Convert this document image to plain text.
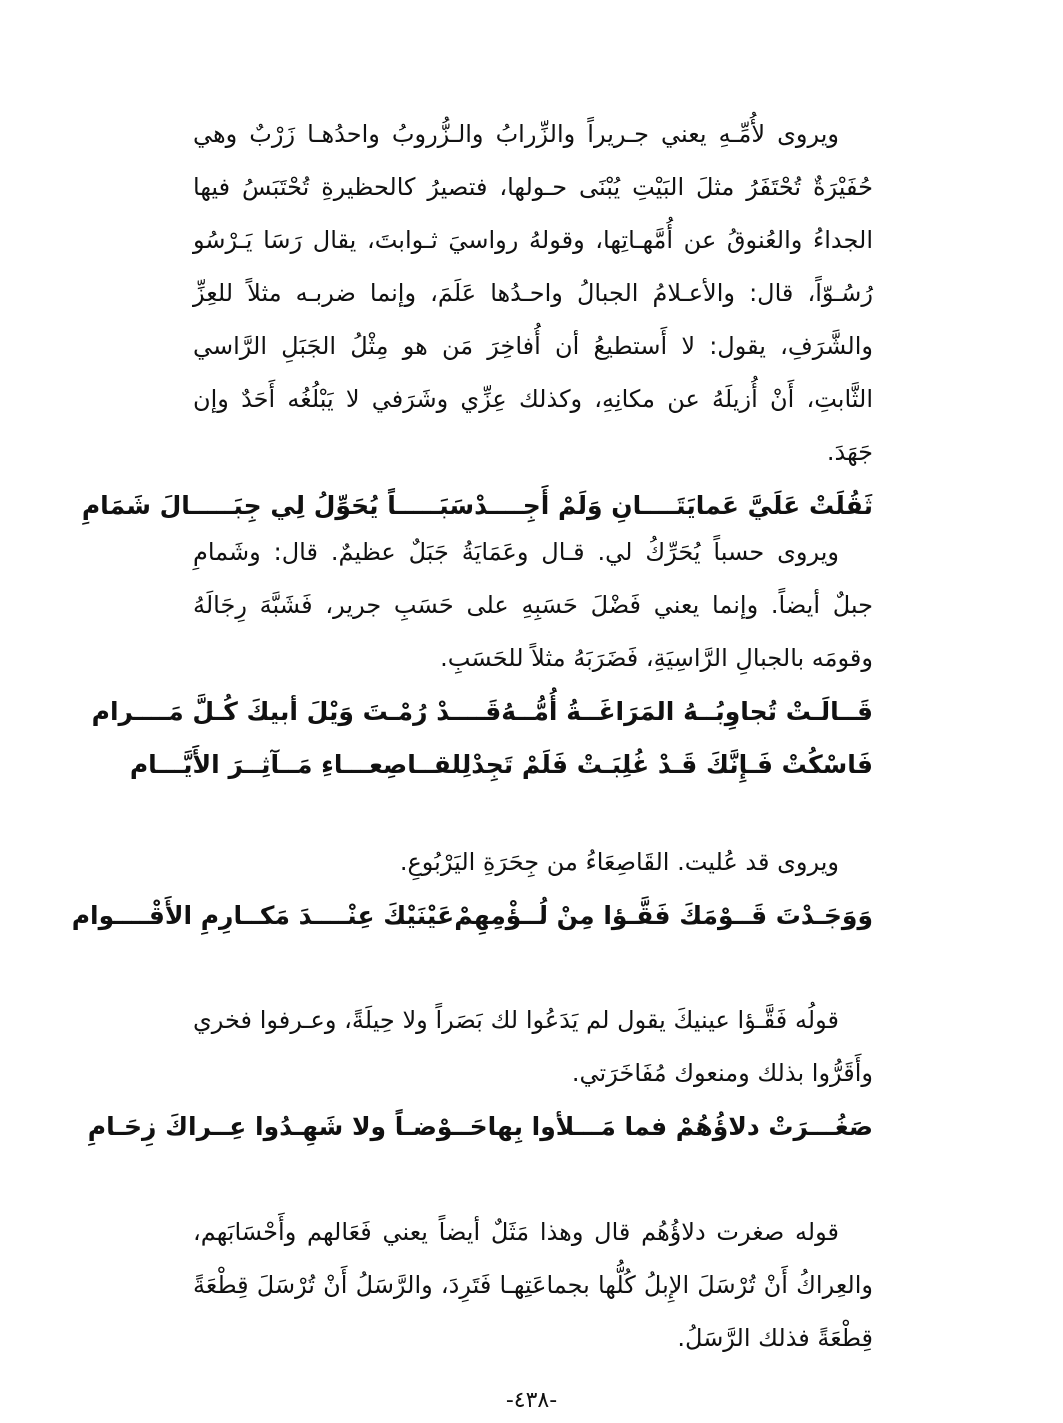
ويروى لأُمِّـهِ يعني جـريراً والزِّرابُ والـزُّروبُ واحدُهـا زَرْبٌ وهي حُفَيْرَةٌ تُحْتَفَرُ مثلَ البَيْتِ يُبْنَى حـولها، فتصيرُ كالحظيرةِ تُحْتَبَسُ فيها الجداءُ والعُنوقُ عن أُمَّهـاتِها، وقولهُ رواسيَ ثـوابتَ، يقال رَسَا يَـرْسُو رُسُـوّاً، قال: والأعـلامُ الجبالُ واحـدُها عَلَمَ، وإنما ضربـه مثلاً للعِزِّ والشَّرَفِ، يقول: لا أَستطيعُ أن أُفاخِرَ مَن هو مِثْلُ الجَبَلِ الرَّاسي الثَّابتِ، أَنْ أُزيلَهُ عن مكانِهِ، وكذلك عِزِّي وشَرَفي لا يَبْلُغُه أَحَدٌ وإن جَهَدَ.

ثَقُلَتْ عَلَيَّ عَمايَتَــــانِ وَلَمْ أَجِــــدْ
سَبَـــــاً يُحَوِّلُ لِي جِبَـــــالَ شَمَامِ

ويروى حسباً يُحَرِّكُ لي. قـال وعَمَايَةُ جَبَلٌ عظيمٌ. قال: وشَمامِ جبلٌ أيضاً. وإنما يعني فَضْلَ حَسَبِهِ على حَسَبِ جرير، فَشَبَّهَ رِجَالَهُ وقومَه بالجبالِ الرَّاسِيَةِ، فَضَرَبَهُ مثلاً للحَسَبِ.

قَــالَـتْ تُجاوِبُــهُ المَرَاغَــةُ أُمُّــهُ
قَــــدْ رُمْـتَ وَيْلَ أبيكَ كُـلَّ مَــــرام
فَاسْكُتْ فَـإِنَّكَ قَـدْ غُلِبَـتْ فَلَمْ تَجِدْ
لِلقــاصِعـــاءِ مَــآثِــرَ الأَيَّـــام

ويروى قد عُليت. القَاصِعَاءُ من جِحَرَةِ اليَرْبُوعِ.

وَوَجَـدْتَ قَــوْمَكَ فَقَّـؤا مِنْ لُــؤْمِهِمْ
عَيْنَيْكَ عِنْــــدَ مَكــارِمِ الأَقْــــوام

قولُه فَقَّـؤا عينيكَ يقول لم يَدَعُوا لك بَصَراً ولا حِيلَةً، وعـرفوا فخري وأَقَرُّوا بذلك ومنعوك مُفَاخَرَتي.

صَغُـــرَتْ دلاؤُهُمْ فما مَـــلأوا بِها
حَــوْضـاً ولا شَهِـدُوا عِــراكَ زِحَـامِ

قوله صغرت دلاؤُهُم قال وهذا مَثَلٌ أيضاً يعني فَعَالهم وأَحْسَابَهم، والعِراكُ أَنْ تُرْسَلَ الإِبلُ كُلُّها بجماعَتِهـا فَتَرِدَ، والرَّسَلُ أَنْ تُرْسَلَ قِطْعَةً قِطْعَةً فذلك الرَّسَلُ.

-٤٣٨-
